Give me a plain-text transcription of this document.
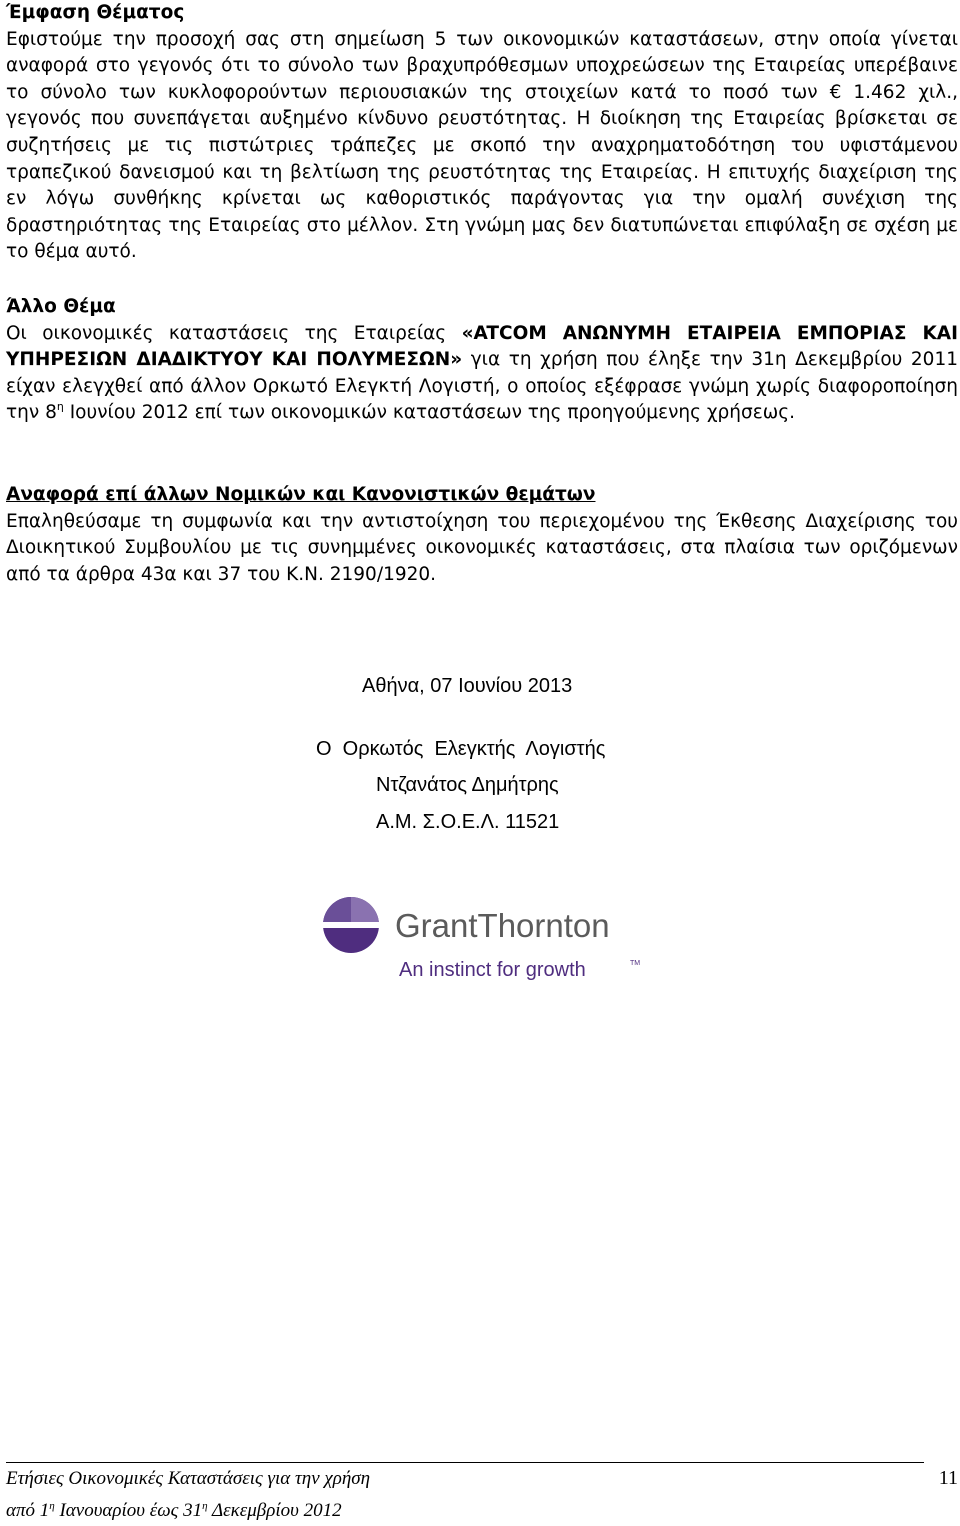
Έμφαση Θέματος
Εφιστούμε την προσοχή σας στη σημείωση 5 των οικονομικών καταστάσεων, στην οποία γίνεται αναφορά στο γεγονός ότι το σύνολο των βραχυπρόθεσμων υποχρεώσεων της Εταιρείας υπερέβαινε το σύνολο των κυκλοφορούντων περιουσιακών της στοιχείων κατά το ποσό των € 1.462 χιλ., γεγονός που συνεπάγεται αυξημένο κίνδυνο ρευστότητας. Η διοίκηση της Εταιρείας βρίσκεται σε συζητήσεις με τις πιστώτριες τράπεζες με σκοπό την αναχρηματοδότηση του υφιστάμενου τραπεζικού δανεισμού και τη βελτίωση της ρευστότητας της Εταιρείας. Η επιτυχής διαχείριση της εν λόγω συνθήκης κρίνεται ως καθοριστικός παράγοντας για την ομαλή συνέχιση της δραστηριότητας της Εταιρείας στο μέλλον. Στη γνώμη μας δεν διατυπώνεται επιφύλαξη σε σχέση με το θέμα αυτό.
Άλλο Θέμα
Οι οικονομικές καταστάσεις της Εταιρείας «ATCOM ΑΝΩΝΥΜΗ ΕΤΑΙΡΕΙΑ ΕΜΠΟΡΙΑΣ ΚΑΙ ΥΠΗΡΕΣΙΩΝ ΔΙΑΔΙΚΤΥΟΥ ΚΑΙ ΠΟΛΥΜΕΣΩΝ» για τη χρήση που έληξε την 31η Δεκεμβρίου 2011 είχαν ελεγχθεί από άλλον Ορκωτό Ελεγκτή Λογιστή, ο οποίος εξέφρασε γνώμη χωρίς διαφοροποίηση την $8^\eta$ Ιουνίου 2012 επί των οικονομικών καταστάσεων της προηγούμενης χρήσεως.
Αναφορά επί άλλων Νομικών και Κανονιστικών θεμάτων
Επαληθεύσαμε τη συμφωνία και την αντιστοίχηση του περιεχομένου της Έκθεσης Διαχείρισης του Διοικητικού Συμβουλίου με τις συνημμένες οικονομικές καταστάσεις, στα πλαίσια των οριζόμενων από τα άρθρα 43α και 37 του Κ.Ν. 2190/1920.
Αθήνα, 07 Ιουνίου 2013
Ο  Ορκωτός  Ελεγκτής  Λογιστής
Ντζανάτος Δημήτρης
Α.Μ. Σ.Ο.Ε.Λ. 11521
GrantThornton
An instinct for growth	TM
Ετήσιες Οικονομικές Καταστάσεις για την χρήση	11
από $1^\eta$ Ιανουαρίου έως $31^\eta$ Δεκεμβρίου 2012
